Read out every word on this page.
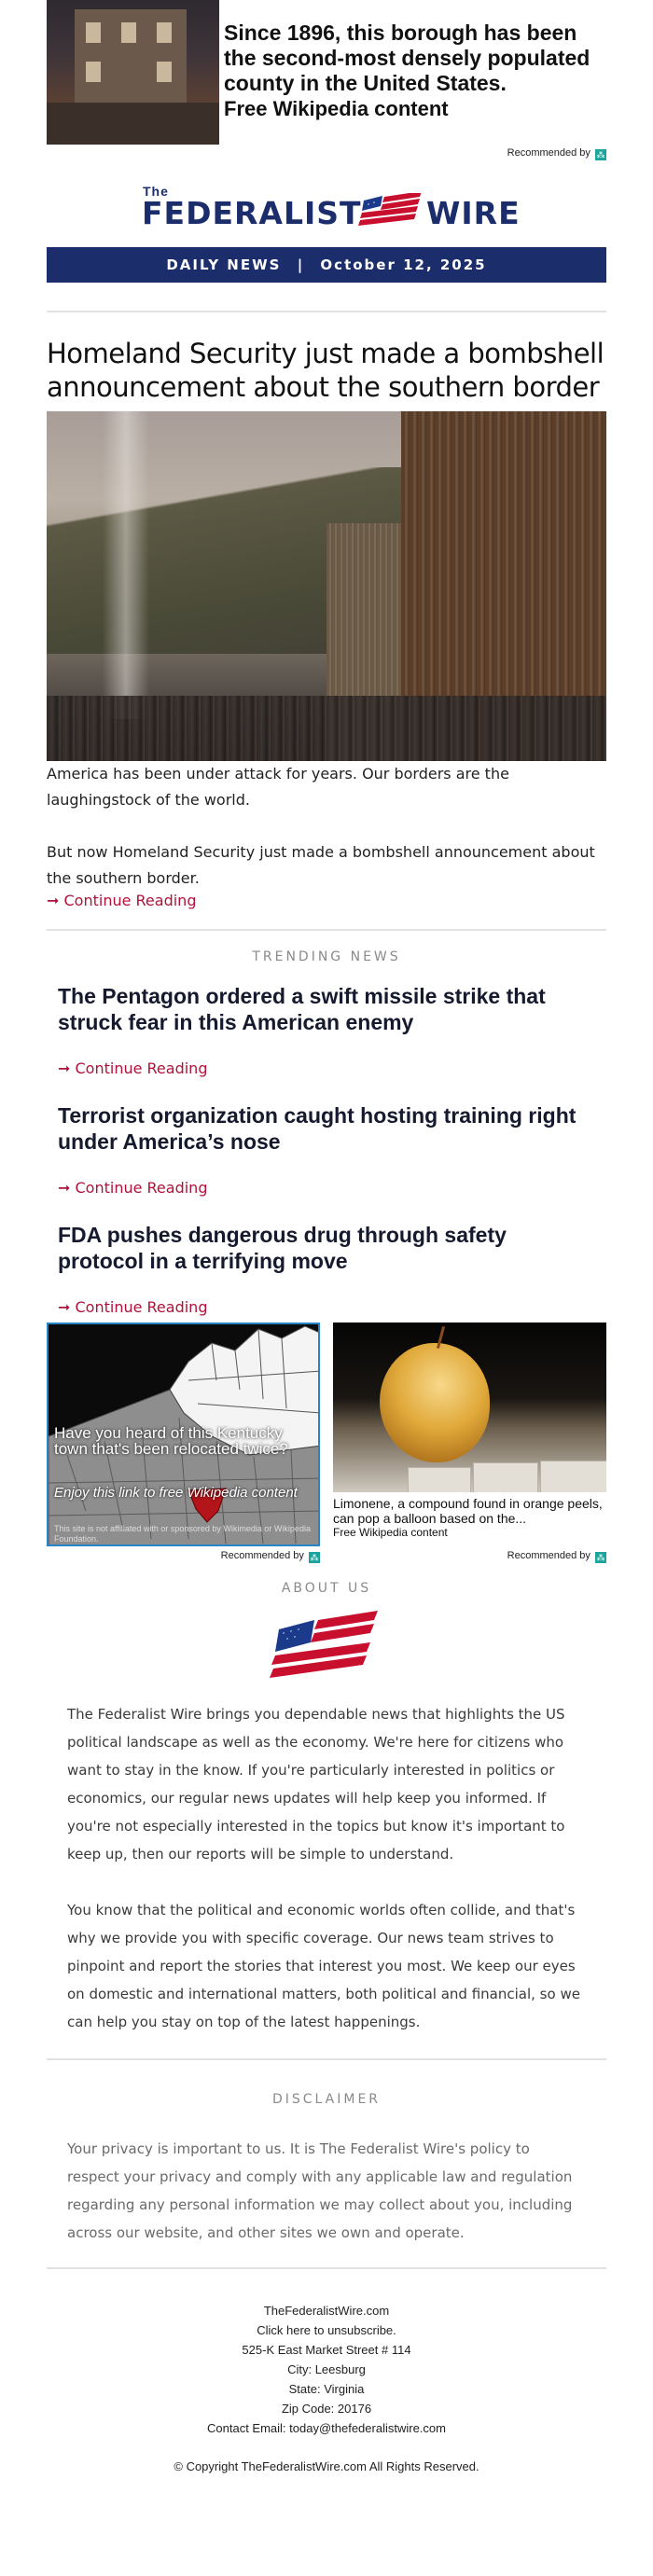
Since 1896, this borough has been the second-most densely populated county in the United States.
Free Wikipedia content
Recommended by ⁂
The
FEDERALIST WIRE
DAILY NEWS | October 12, 2025
Homeland Security just made a bombshell announcement about the southern border

America has been under attack for years. Our borders are the laughingstock of the world.

But now Homeland Security just made a bombshell announcement about the southern border.

➞ Continue Reading
TRENDING NEWS
The Pentagon ordered a swift missile strike that struck fear in this American enemy
➞ Continue Reading
Terrorist organization caught hosting training right under America’s nose
➞ Continue Reading
FDA pushes dangerous drug through safety protocol in a terrifying move
➞ Continue Reading
Have you heard of this Kentucky town that's been relocated twice?
Enjoy this link to free Wikipedia content
This site is not affiliated with or sponsored by Wikimedia or Wikipedia Foundation.
Limonene, a compound found in orange peels, can pop a balloon based on the...
Free Wikipedia content
Recommended by ⁂	Recommended by ⁂
ABOUT US

The Federalist Wire brings you dependable news that highlights the US political landscape as well as the economy. We're here for citizens who want to stay in the know. If you're particularly interested in politics or economics, our regular news updates will help keep you informed. If you're not especially interested in the topics but know it's important to keep up, then our reports will be simple to understand.

You know that the political and economic worlds often collide, and that's why we provide you with specific coverage. Our news team strives to pinpoint and report the stories that interest you most. We keep our eyes on domestic and international matters, both political and financial, so we can help you stay on top of the latest happenings.

DISCLAIMER

Your privacy is important to us. It is The Federalist Wire's policy to respect your privacy and comply with any applicable law and regulation regarding any personal information we may collect about you, including across our website, and other sites we own and operate.

TheFederalistWire.com
Click here to unsubscribe.
525-K East Market Street # 114
City: Leesburg
State: Virginia
Zip Code: 20176
Contact Email: today@thefederalistwire.com
© Copyright TheFederalistWire.com All Rights Reserved.
